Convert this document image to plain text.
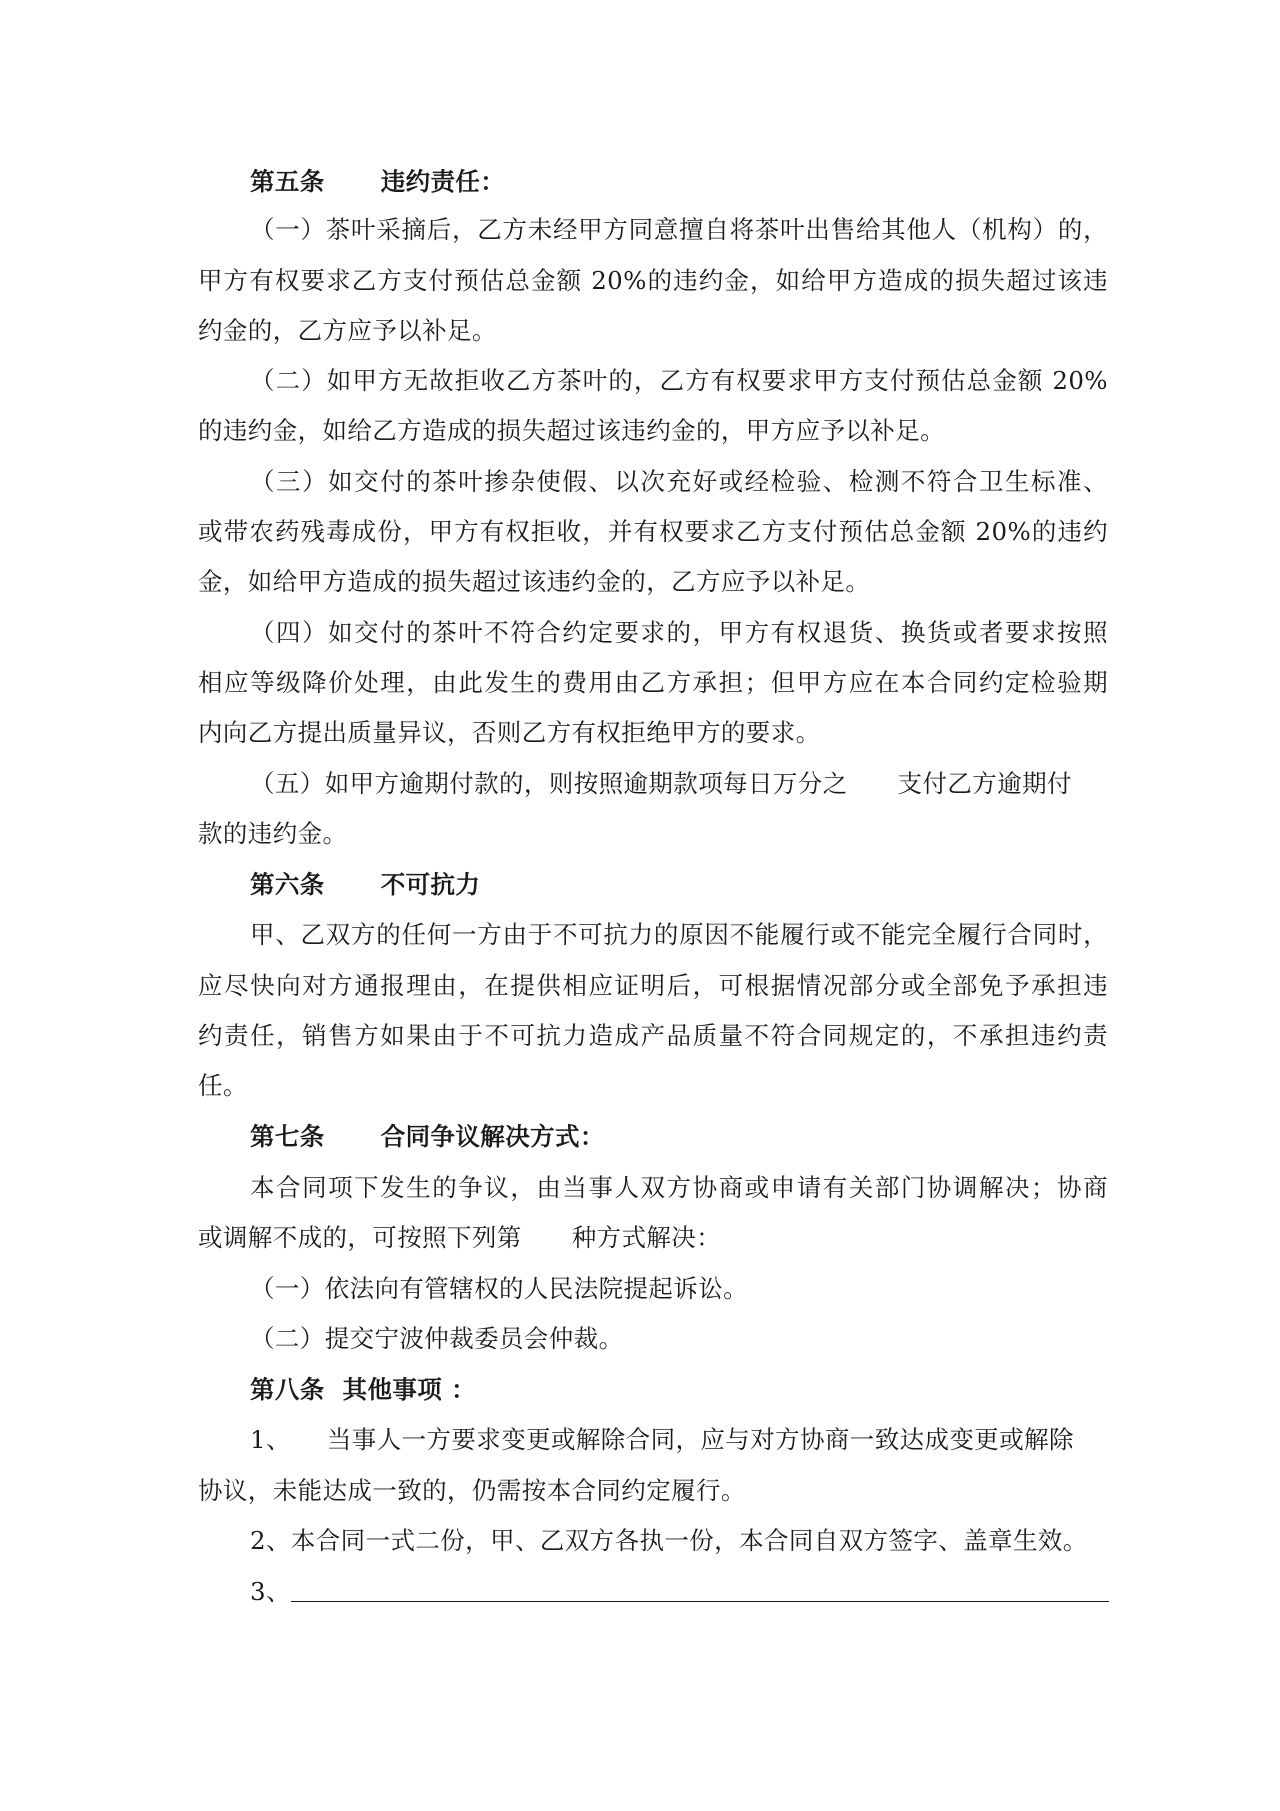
第五条 违约责任：
（一）茶叶采摘后，乙方未经甲方同意擅自将茶叶出售给其他人（机构）的，
甲方有权要求乙方支付预估总金额 20%的违约金，如给甲方造成的损失超过该违
约金的，乙方应予以补足。
（二）如甲方无故拒收乙方茶叶的，乙方有权要求甲方支付预估总金额 20%
的违约金，如给乙方造成的损失超过该违约金的，甲方应予以补足。
（三）如交付的茶叶掺杂使假、以次充好或经检验、检测不符合卫生标准、
或带农药残毒成份，甲方有权拒收，并有权要求乙方支付预估总金额 20%的违约
金，如给甲方造成的损失超过该违约金的，乙方应予以补足。
（四）如交付的茶叶不符合约定要求的，甲方有权退货、换货或者要求按照
相应等级降价处理，由此发生的费用由乙方承担；但甲方应在本合同约定检验期
内向乙方提出质量异议，否则乙方有权拒绝甲方的要求。
（五）如甲方逾期付款的，则按照逾期款项每日万分之 支付乙方逾期付
款的违约金。
第六条 不可抗力
甲、乙双方的任何一方由于不可抗力的原因不能履行或不能完全履行合同时，
应尽快向对方通报理由，在提供相应证明后，可根据情况部分或全部免予承担违
约责任，销售方如果由于不可抗力造成产品质量不符合同规定的，不承担违约责
任。
第七条 合同争议解决方式：
本合同项下发生的争议，由当事人双方协商或申请有关部门协调解决；协商
或调解不成的，可按照下列第 种方式解决：
（一）依法向有管辖权的人民法院提起诉讼。
（二）提交宁波仲裁委员会仲裁。
第八条  其他事项 ：
1、 当事人一方要求变更或解除合同，应与对方协商一致达成变更或解除
协议，未能达成一致的，仍需按本合同约定履行。
2、本合同一式二份，甲、乙双方各执一份，本合同自双方签字、盖章生效。
3、
